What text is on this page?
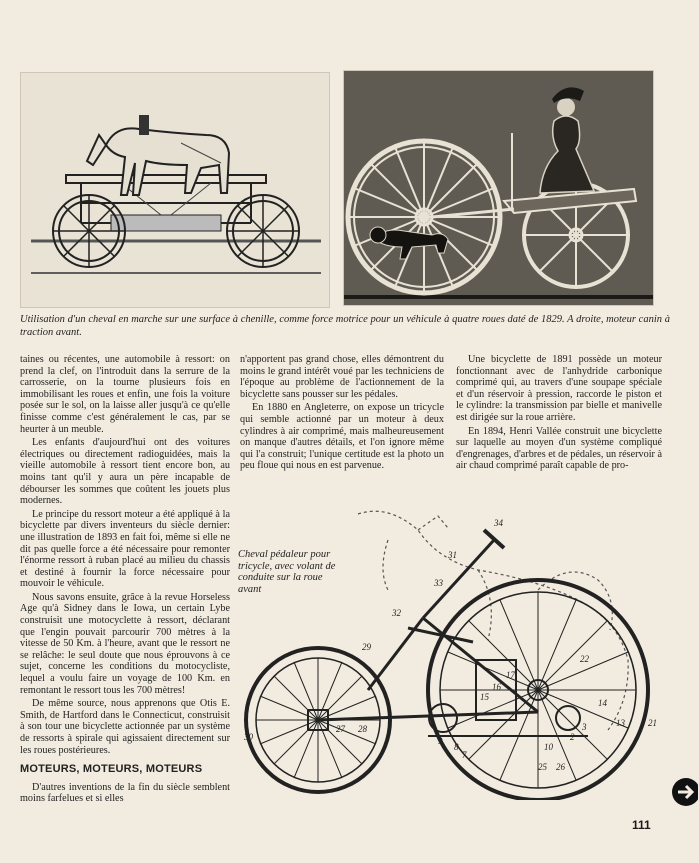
Utilisation d'un cheval en marche sur une surface à chenille, comme force motrice pour un véhicule à quatre roues daté de 1829. A droite, moteur canin à traction avant.

taines ou récentes, une automobile à ressort: on prend la clef, on l'introduit dans la serrure de la carrosserie, on la tourne plusieurs fois en immobilisant les roues et enfin, une fois la voiture posée sur le sol, on la laisse aller jusqu'à ce qu'elle finisse comme c'est généralement le cas, par se heurter à un meuble.

Les enfants d'aujourd'hui ont des voitures électriques ou directement radioguidées, mais la vieille automobile à ressort tient encore bon, au moins tant qu'il y aura un père incapable de débourser les sommes que coûtent les jouets plus modernes.

Le principe du ressort moteur a été appliqué à la bicyclette par divers inventeurs du siècle dernier: une illustration de 1893 en fait foi, même si elle ne dit pas quelle force a été nécessaire pour remonter l'énorme ressort à ruban placé au milieu du chassis et destiné à fournir la force nécessaire pour mouvoir le véhicule.

Nous savons ensuite, grâce à la revue Horseless Age qu'à Sidney dans le Iowa, un certain Lybe construisit une motocyclette à ressort, déclarant que l'engin pouvait parcourir 700 mètres à la vitesse de 50 Km. à l'heure, avant que le ressort ne se relâche: le seul doute que nous éprouvons à ce sujet, concerne les conditions du motocycliste, lequel a voulu faire un voyage de 100 Km. en remontant le ressort tous les 700 mètres!

De même source, nous apprenons que Otis E. Smith, de Hartford dans le Connecticut, construisit à son tour une bicyclette actionnée par un système de ressorts à spirale qui agissaient directement sur les roues postérieures.

MOTEURS, MOTEURS, MOTEURS

D'autres inventions de la fin du siècle semblent moins farfelues et si elles

n'apportent pas grand chose, elles démontrent du moins le grand intérêt voué par les techniciens de l'époque au problème de l'actionnement de la bicyclette sans pousser sur les pédales.

En 1880 en Angleterre, on expose un tricycle qui semble actionné par un moteur à deux cylindres à air comprimé, mais malheureusement on manque d'autres détails, et l'on ignore même qui l'a construit; l'unique certitude est la photo un peu floue qui nous en est parvenue.

Une bicyclette de 1891 possède un moteur fonctionnant avec de l'anhydride carbonique comprimé qui, au travers d'une soupape spéciale et d'un réservoir à pression, raccorde le piston et le cylindre: la transmission par bielle et manivelle est dirigée sur la roue arrière.

En 1894, Henri Vallée construit une bicyclette sur laquelle au moyen d'un système compliqué d'engrenages, d'arbres et de pédales, un réservoir à air chaud comprimé paraît capable de pro-

34
31
33
32
29
30
28
27
22
21
17
16
15
14
13
10
8
7
2
25 26
9
3
Cheval pédaleur pour tricycle, avec volant de conduite sur la roue avant
111
